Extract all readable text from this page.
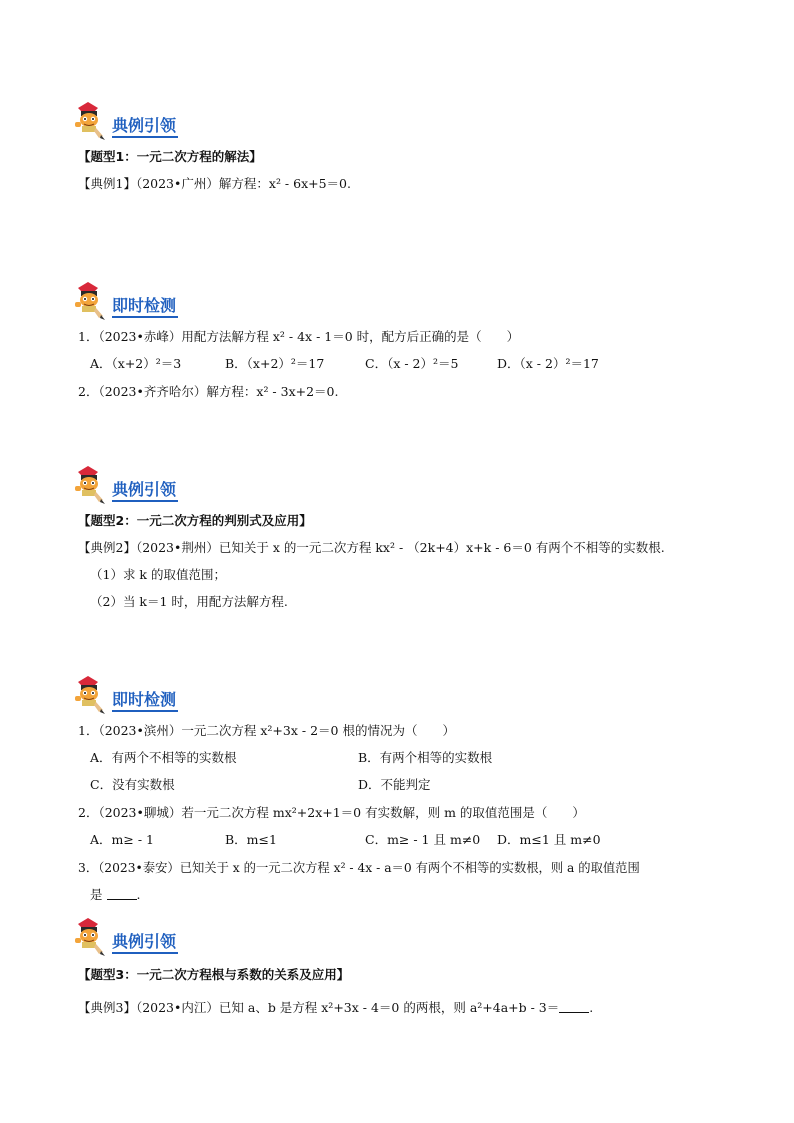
典例引领
【题型1：一元二次方程的解法】
【典例1】（2023•广州）解方程：x² - 6x+5＝0.
即时检测
1．（2023•赤峰）用配方法解方程 x² - 4x - 1＝0 时，配方后正确的是（　　）
A．（x+2）²＝3	B．（x+2）²＝17	C．（x - 2）²＝5	D．（x - 2）²＝17
2．（2023•齐齐哈尔）解方程：x² - 3x+2＝0.
典例引领
【题型2：一元二次方程的判别式及应用】
【典例2】（2023•荆州）已知关于 x 的一元二次方程 kx² - （2k+4）x+k - 6＝0 有两个不相等的实数根.
（1）求 k 的取值范围；
（2）当 k＝1 时，用配方法解方程.
即时检测
1．（2023•滨州）一元二次方程 x²+3x - 2＝0 根的情况为（　　）
A．有两个不相等的实数根	B．有两个相等的实数根
C．没有实数根	D．不能判定
2．（2023•聊城）若一元二次方程 mx²+2x+1＝0 有实数解，则 m 的取值范围是（　　）
A．m≥ - 1	B．m≤1	C．m≥ - 1 且 m≠0 D．m≤1 且 m≠0
3．（2023•泰安）已知关于 x 的一元二次方程 x² - 4x - a＝0 有两个不相等的实数根，则 a 的取值范围
是	.
典例引领
【题型3：一元二次方程根与系数的关系及应用】
【典例3】（2023•内江）已知 a、b 是方程 x²+3x - 4＝0 的两根，则 a²+4a+b - 3＝ .
